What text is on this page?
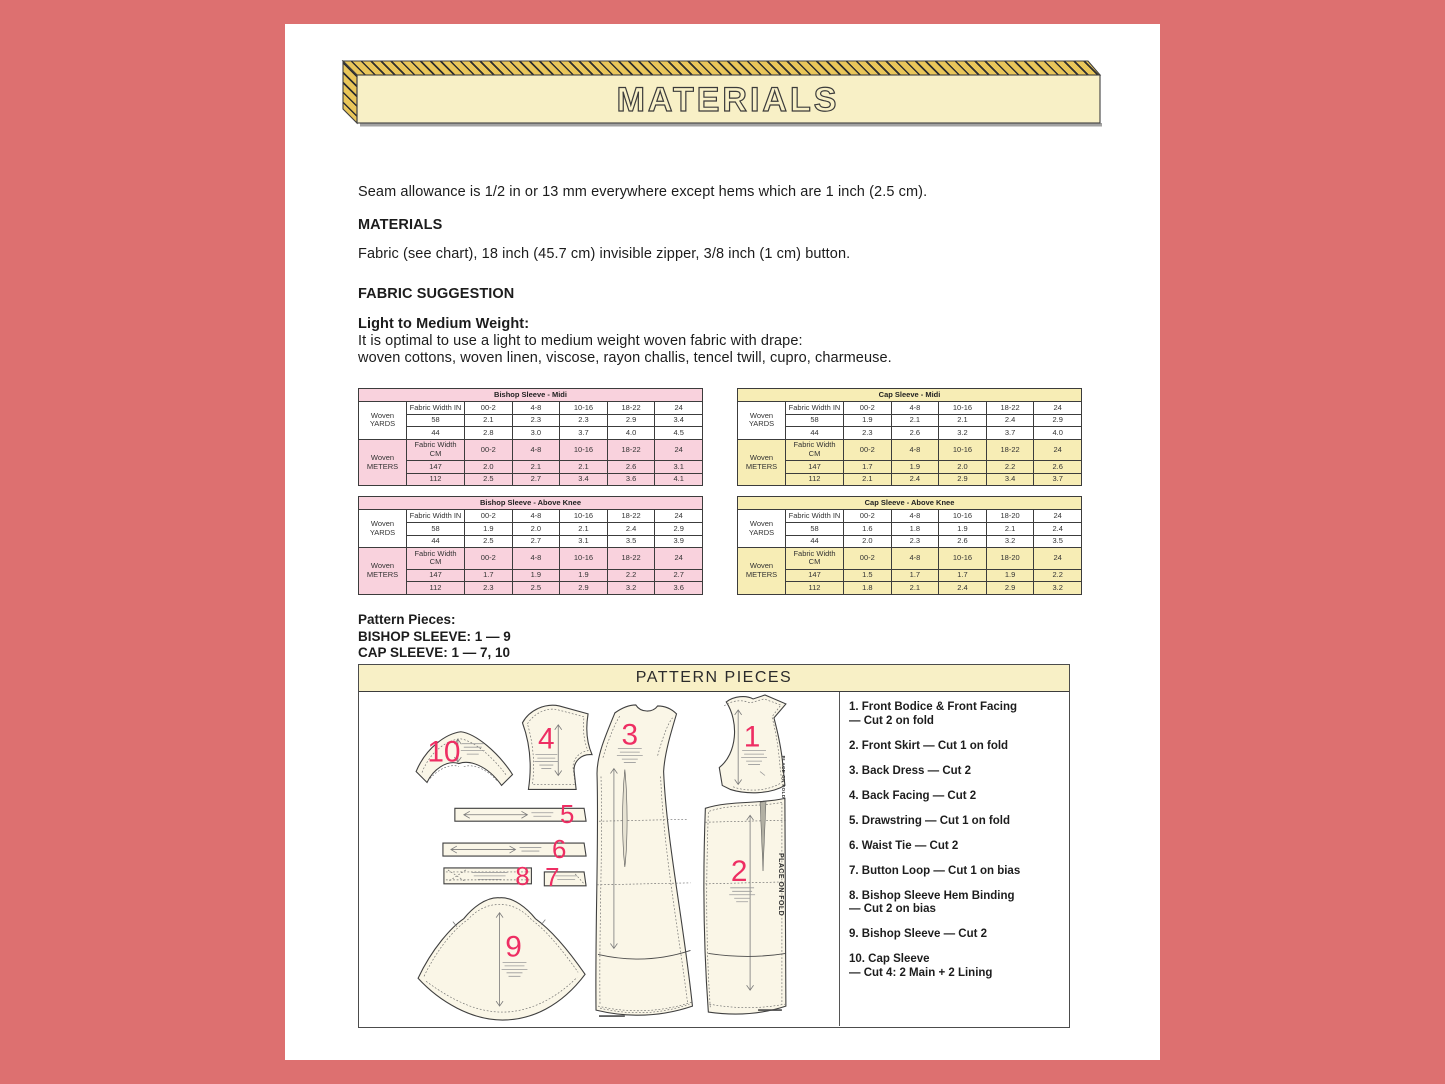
MATERIALS
Seam allowance is 1/2 in or 13 mm everywhere except hems which are 1 inch (2.5 cm).
MATERIALS
Fabric (see chart), 18 inch (45.7 cm) invisible zipper, 3/8 inch (1 cm) button.
FABRIC SUGGESTION
Light to Medium Weight:
It is optimal to use a light to medium weight woven fabric with drape:
woven cottons, woven linen, viscose, rayon challis, tencel twill, cupro, charmeuse.
Bishop Sleeve - Midi						
Woven YARDS	Fabric Width IN	00-2	4-8	10-16	18-22	24
	58	2.1	2.3	2.3	2.9	3.4
	44	2.8	3.0	3.7	4.0	4.5
Woven METERS	Fabric Width CM	00-2	4-8	10-16	18-22	24
	147	2.0	2.1	2.1	2.6	3.1
	112	2.5	2.7	3.4	3.6	4.1
Cap Sleeve - Midi						
Woven YARDS	Fabric Width IN	00-2	4-8	10-16	18-22	24
	58	1.9	2.1	2.1	2.4	2.9
	44	2.3	2.6	3.2	3.7	4.0
Woven METERS	Fabric Width CM	00-2	4-8	10-16	18-22	24
	147	1.7	1.9	2.0	2.2	2.6
	112	2.1	2.4	2.9	3.4	3.7
Bishop Sleeve - Above Knee						
Woven YARDS	Fabric Width IN	00-2	4-8	10-16	18-22	24
	58	1.9	2.0	2.1	2.4	2.9
	44	2.5	2.7	3.1	3.5	3.9
Woven METERS	Fabric Width CM	00-2	4-8	10-16	18-22	24
	147	1.7	1.9	1.9	2.2	2.7
	112	2.3	2.5	2.9	3.2	3.6
Cap Sleeve - Above Knee						
Woven YARDS	Fabric Width IN	00-2	4-8	10-16	18-20	24
	58	1.6	1.8	1.9	2.1	2.4
	44	2.0	2.3	2.6	3.2	3.5
Woven METERS	Fabric Width CM	00-2	4-8	10-16	18-20	24
	147	1.5	1.7	1.7	1.9	2.2
	112	1.8	2.1	2.4	2.9	3.2
Pattern Pieces:
BISHOP SLEEVE: 1 — 9
CAP SLEEVE: 1 — 7, 10
PATTERN PIECES
PLACE ON FOLD
PLACE ON FOLD
1
2
3
4
5
6
7
8
9
10
1. Front Bodice & Front Facing
— Cut 2 on fold
2. Front Skirt — Cut 1 on fold
3. Back Dress — Cut 2
4. Back Facing — Cut 2
5. Drawstring — Cut 1 on fold
6. Waist Tie — Cut 2
7. Button Loop — Cut 1 on bias
8. Bishop Sleeve Hem Binding
— Cut 2 on bias
9. Bishop Sleeve — Cut 2
10. Cap Sleeve
— Cut 4: 2 Main + 2 Lining
